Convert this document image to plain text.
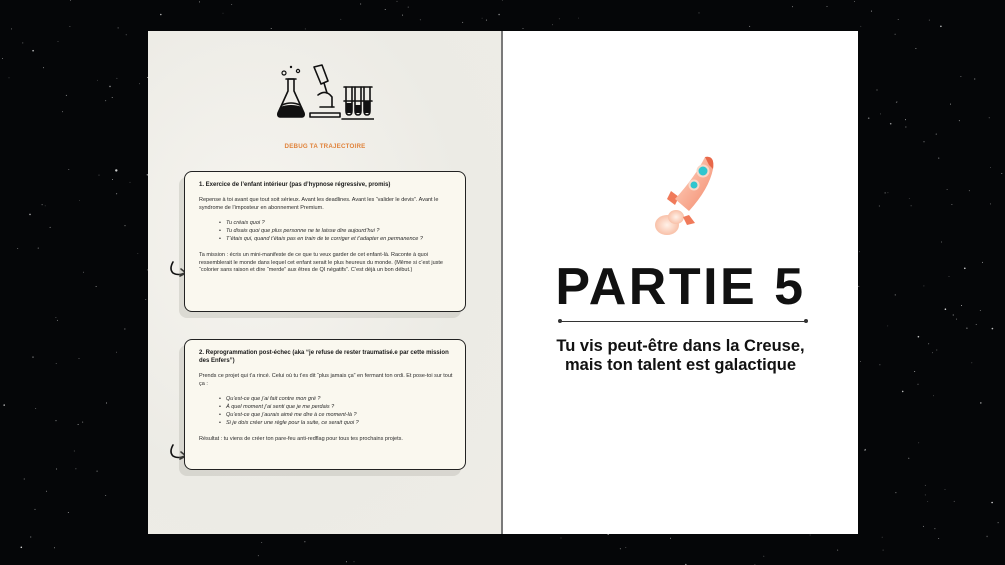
DEBUG TA TRAJECTOIRE

1. Exercice de l’enfant intérieur (pas d’hypnose régressive, promis)

Repense à toi avant que tout soit sérieux. Avant les deadlines. Avant les “valider le devis”. Avant le syndrome de l’imposteur en abonnement Premium.

• Tu créais quoi ?
• Tu disais quoi que plus personne ne te laisse dire aujourd’hui ?
• T’étais qui, quand t’étais pas en train de te corriger et t’adapter en permanence ?

Ta mission : écris un mini-manifeste de ce que tu veux garder de cet enfant-là. Raconte à quoi ressemblerait le monde dans lequel cet enfant serait le plus heureux du monde. (Même si c’est juste “colorier sans raison et dire “merde” aux êtres de QI négatifs”. C’est déjà un bon début.)

2. Reprogrammation post-échec (aka “je refuse de rester traumatisé.e par cette mission des Enfers”)

Prends ce projet qui t’a rincé. Celui où tu t’es dit “plus jamais ça” en fermant ton ordi. Et pose-toi sur tout ça :

• Qu’est-ce que j’ai fait contre mon gré ?
• À quel moment j’ai senti que je me perdais ?
• Qu’est-ce que j’aurais aimé me dire à ce moment-là ?
• Si je dois créer une règle pour la suite, ce serait quoi ?

Résultat : tu viens de créer ton pare-feu anti-redflag pour tous tes prochains projets.

PARTIE 5
Tu vis peut-être dans la Creuse, mais ton talent est galactique
